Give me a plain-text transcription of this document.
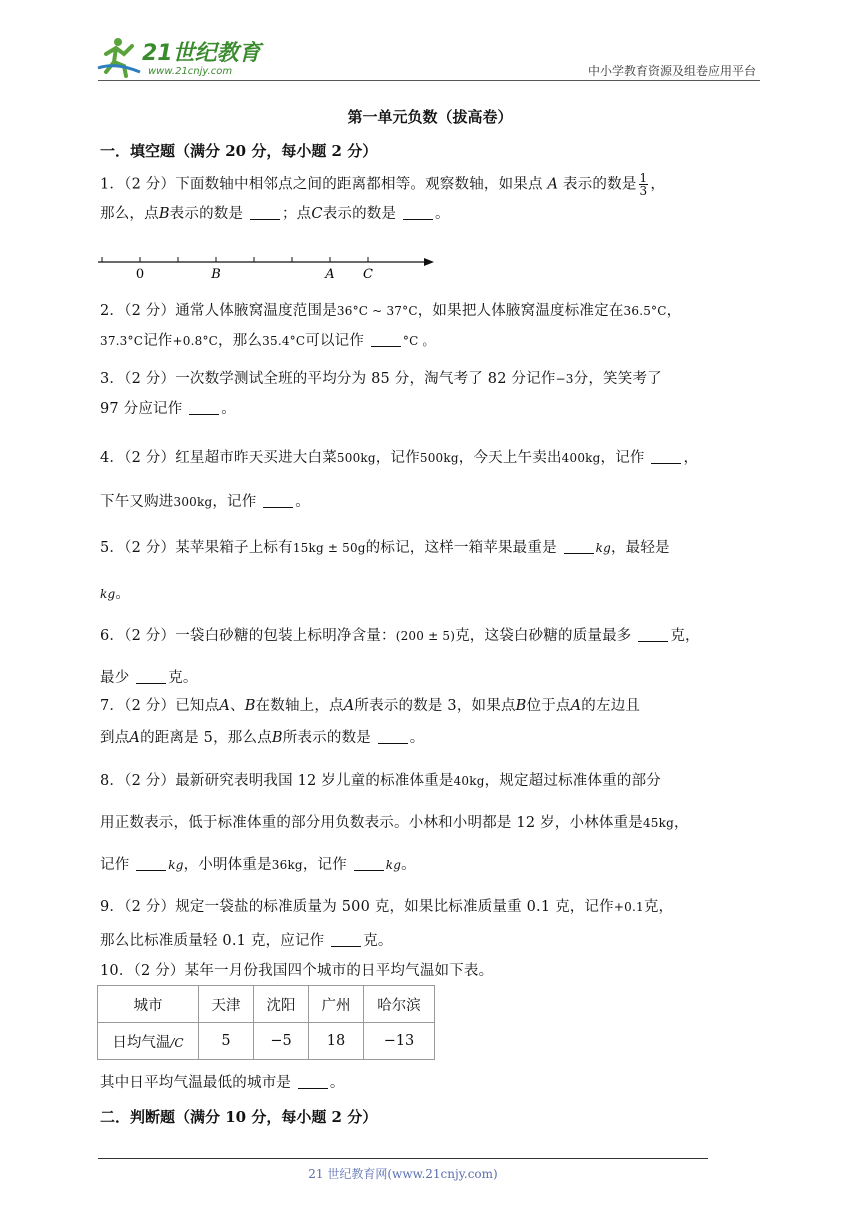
21世纪教育
www.21cnjy.com	中小学教育资源及组卷应用平台
第一单元负数（拔高卷）
一．填空题（满分 20 分，每小题 2 分）
1．（2 分）下面数轴中相邻点之间的距离都相等。观察数轴，如果点 A 表示的数是 $\frac{1}{3}$ ，
那么，点B表示的数是	；点C表示的数是	。
0	B	A C
2．（2 分）通常人体腋窝温度范围是36°C ~ 37°C，如果把人体腋窝温度标准定在36.5°C，
37.3°C记作+0.8°C，那么35.4°C可以记作	°C 。
3．（2 分）一次数学测试全班的平均分为 85 分，淘气考了 82 分记作−3分，笑笑考了
97 分应记作	。
4．（2 分）红星超市昨天买进大白菜500kg，记作500kg，今天上午卖出400kg，记作	，
下午又购进300kg，记作	。
5．（2 分）某苹果箱子上标有15kg ± 50g的标记，这样一箱苹果最重是	kg，最轻是
kg。
6．（2 分）一袋白砂糖的包装上标明净含量：(200 ± 5)克，这袋白砂糖的质量最多	克，
最少	克。
7．（2 分）已知点A、B在数轴上，点A所表示的数是 3，如果点B位于点A的左边且
到点A的距离是 5，那么点B所表示的数是	。
8．（2 分）最新研究表明我国 12 岁儿童的标准体重是40kg，规定超过标准体重的部分
用正数表示，低于标准体重的部分用负数表示。小林和小明都是 12 岁，小林体重是45kg，
记作	kg，小明体重是36kg，记作	kg。
9．（2 分）规定一袋盐的标准质量为 500 克，如果比标准质量重 0.1 克，记作+0.1克，
那么比标准质量轻 0.1 克，应记作	克。
10．（2 分）某年一月份我国四个城市的日平均气温如下表。
城市	天津	沈阳	广州	哈尔滨
日均气温/C	5	−5	18	−13
其中日平均气温最低的城市是	。
二．判断题（满分 10 分，每小题 2 分）
21 世纪教育网(www.21cnjy.com)
